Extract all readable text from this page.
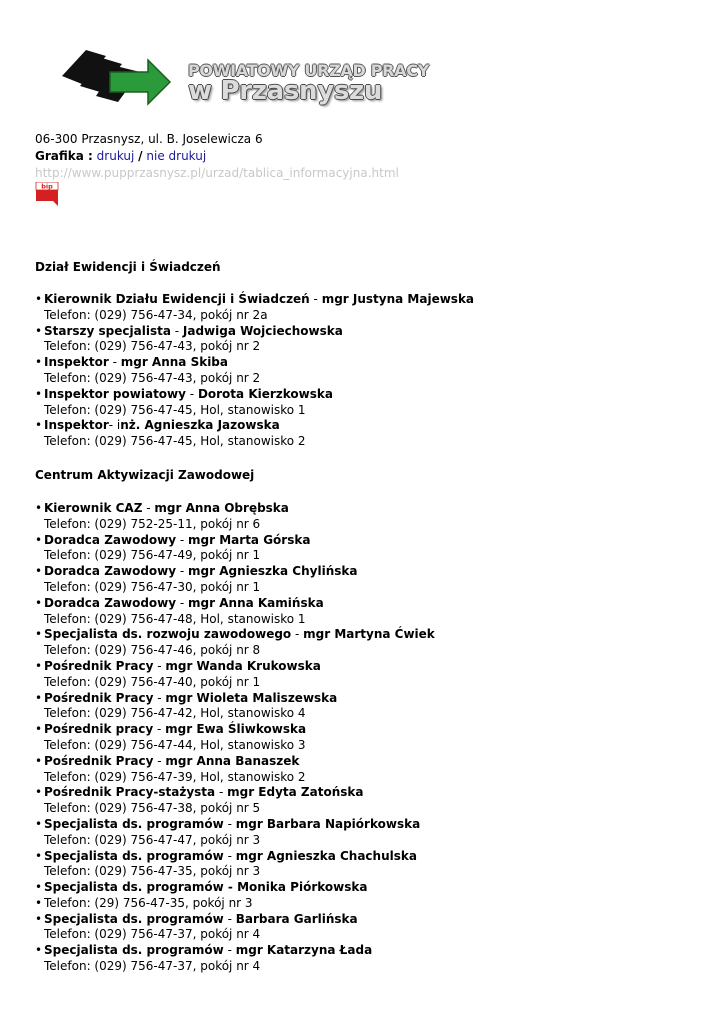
POWIATOWY URZĄD PRACY
w Przasnyszu
06-300 Przasnysz, ul. B. Joselewicza 6
Grafika : drukuj / nie drukuj
http://www.pupprzasnysz.pl/urzad/tablica_informacyjna.html
bip
Dział Ewidencji i Świadczeń
• Kierownik Działu Ewidencji i Świadczeń - mgr Justyna Majewska
Telefon: (029) 756-47-34, pokój nr 2a
• Starszy specjalista - Jadwiga Wojciechowska
Telefon: (029) 756-47-43, pokój nr 2
• Inspektor - mgr Anna Skiba
Telefon: (029) 756-47-43, pokój nr 2
• Inspektor powiatowy - Dorota Kierzkowska
Telefon: (029) 756-47-45, Hol, stanowisko 1
• Inspektor- inż. Agnieszka Jazowska
Telefon: (029) 756-47-45, Hol, stanowisko 2
Centrum Aktywizacji Zawodowej
• Kierownik CAZ - mgr Anna Obrębska
Telefon: (029) 752-25-11, pokój nr 6
• Doradca Zawodowy - mgr Marta Górska
Telefon: (029) 756-47-49, pokój nr 1
• Doradca Zawodowy - mgr Agnieszka Chylińska
Telefon: (029) 756-47-30, pokój nr 1
• Doradca Zawodowy - mgr Anna Kamińska
Telefon: (029) 756-47-48, Hol, stanowisko 1
• Specjalista ds. rozwoju zawodowego - mgr Martyna Ćwiek
Telefon: (029) 756-47-46, pokój nr 8
• Pośrednik Pracy - mgr Wanda Krukowska
Telefon: (029) 756-47-40, pokój nr 1
• Pośrednik Pracy - mgr Wioleta Maliszewska
Telefon: (029) 756-47-42, Hol, stanowisko 4
• Pośrednik pracy - mgr Ewa Śliwkowska
Telefon: (029) 756-47-44, Hol, stanowisko 3
• Pośrednik Pracy - mgr Anna Banaszek
Telefon: (029) 756-47-39, Hol, stanowisko 2
• Pośrednik Pracy-stażysta - mgr Edyta Zatońska
Telefon: (029) 756-47-38, pokój nr 5
• Specjalista ds. programów - mgr Barbara Napiórkowska
Telefon: (029) 756-47-47, pokój nr 3
• Specjalista ds. programów - mgr Agnieszka Chachulska
Telefon: (029) 756-47-35, pokój nr 3
• Specjalista ds. programów - Monika Piórkowska
• Telefon: (29) 756-47-35, pokój nr 3
• Specjalista ds. programów - Barbara Garlińska
Telefon: (029) 756-47-37, pokój nr 4
• Specjalista ds. programów - mgr Katarzyna Łada
Telefon: (029) 756-47-37, pokój nr 4
